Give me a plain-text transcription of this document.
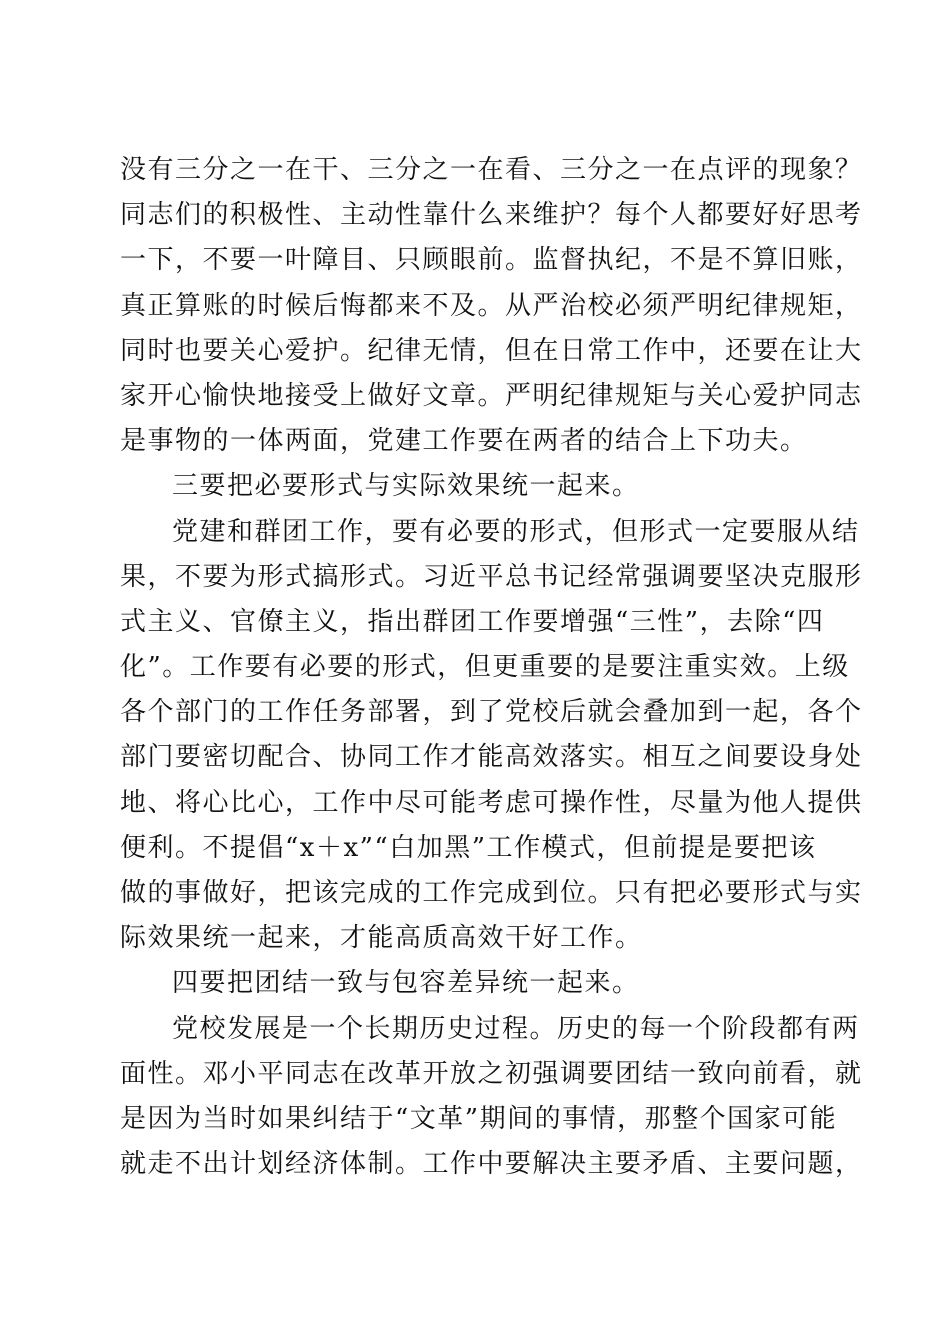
没有三分之一在干、三分之一在看、三分之一在点评的现象？
同志们的积极性、主动性靠什么来维护？每个人都要好好思考
一下，不要一叶障目、只顾眼前。监督执纪，不是不算旧账，
真正算账的时候后悔都来不及。从严治校必须严明纪律规矩，
同时也要关心爱护。纪律无情，但在日常工作中，还要在让大
家开心愉快地接受上做好文章。严明纪律规矩与关心爱护同志
是事物的一体两面，党建工作要在两者的结合上下功夫。
三要把必要形式与实际效果统一起来。
党建和群团工作，要有必要的形式，但形式一定要服从结
果，不要为形式搞形式。习近平总书记经常强调要坚决克服形
式主义、官僚主义，指出群团工作要增强“三性”，去除“四
化”。工作要有必要的形式，但更重要的是要注重实效。上级
各个部门的工作任务部署，到了党校后就会叠加到一起，各个
部门要密切配合、协同工作才能高效落实。相互之间要设身处
地、将心比心，工作中尽可能考虑可操作性，尽量为他人提供
便利。不提倡“x＋x”“白加黑”工作模式，但前提是要把该
做的事做好，把该完成的工作完成到位。只有把必要形式与实
际效果统一起来，才能高质高效干好工作。
四要把团结一致与包容差异统一起来。
党校发展是一个长期历史过程。历史的每一个阶段都有两
面性。邓小平同志在改革开放之初强调要团结一致向前看，就
是因为当时如果纠结于“文革”期间的事情，那整个国家可能
就走不出计划经济体制。工作中要解决主要矛盾、主要问题，
